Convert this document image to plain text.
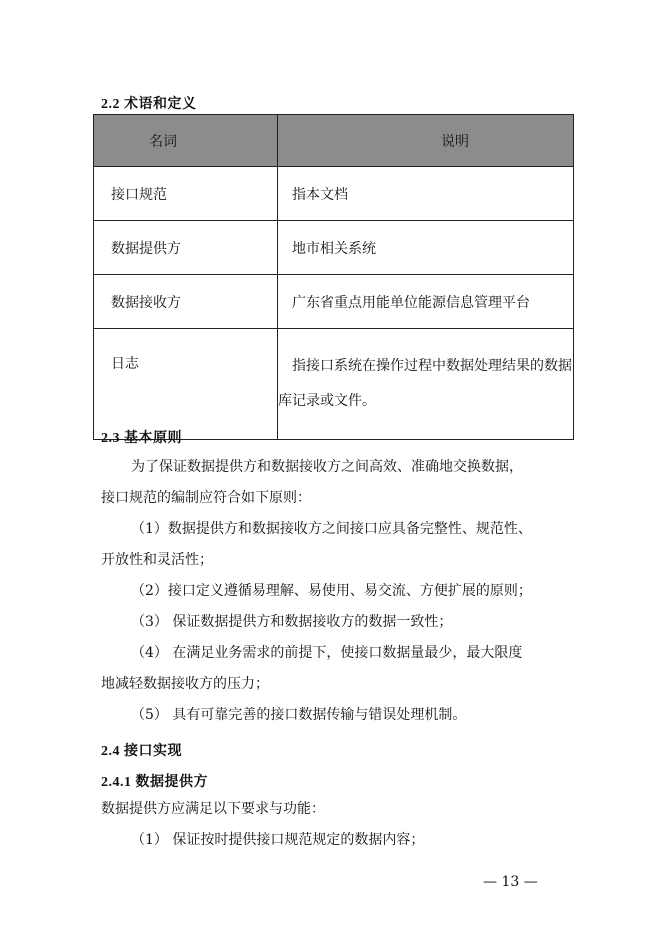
2.2 术语和定义
名词	说明
接口规范	指本文档
数据提供方	地市相关系统
数据接收方	广东省重点用能单位能源信息管理平台
日志	指接口系统在操作过程中数据处理结果的数据
库记录或文件。
2.3 基本原则
为了保证数据提供方和数据接收方之间高效、准确地交换数据，
接口规范的编制应符合如下原则：
（1）数据提供方和数据接收方之间接口应具备完整性、规范性、
开放性和灵活性；
（2）接口定义遵循易理解、易使用、易交流、方便扩展的原则；
（3） 保证数据提供方和数据接收方的数据一致性；
（4） 在满足业务需求的前提下，使接口数据量最少，最大限度
地减轻数据接收方的压力；
（5） 具有可靠完善的接口数据传输与错误处理机制。
2.4 接口实现
2.4.1 数据提供方
数据提供方应满足以下要求与功能：
（1） 保证按时提供接口规范规定的数据内容；
— 13 —
